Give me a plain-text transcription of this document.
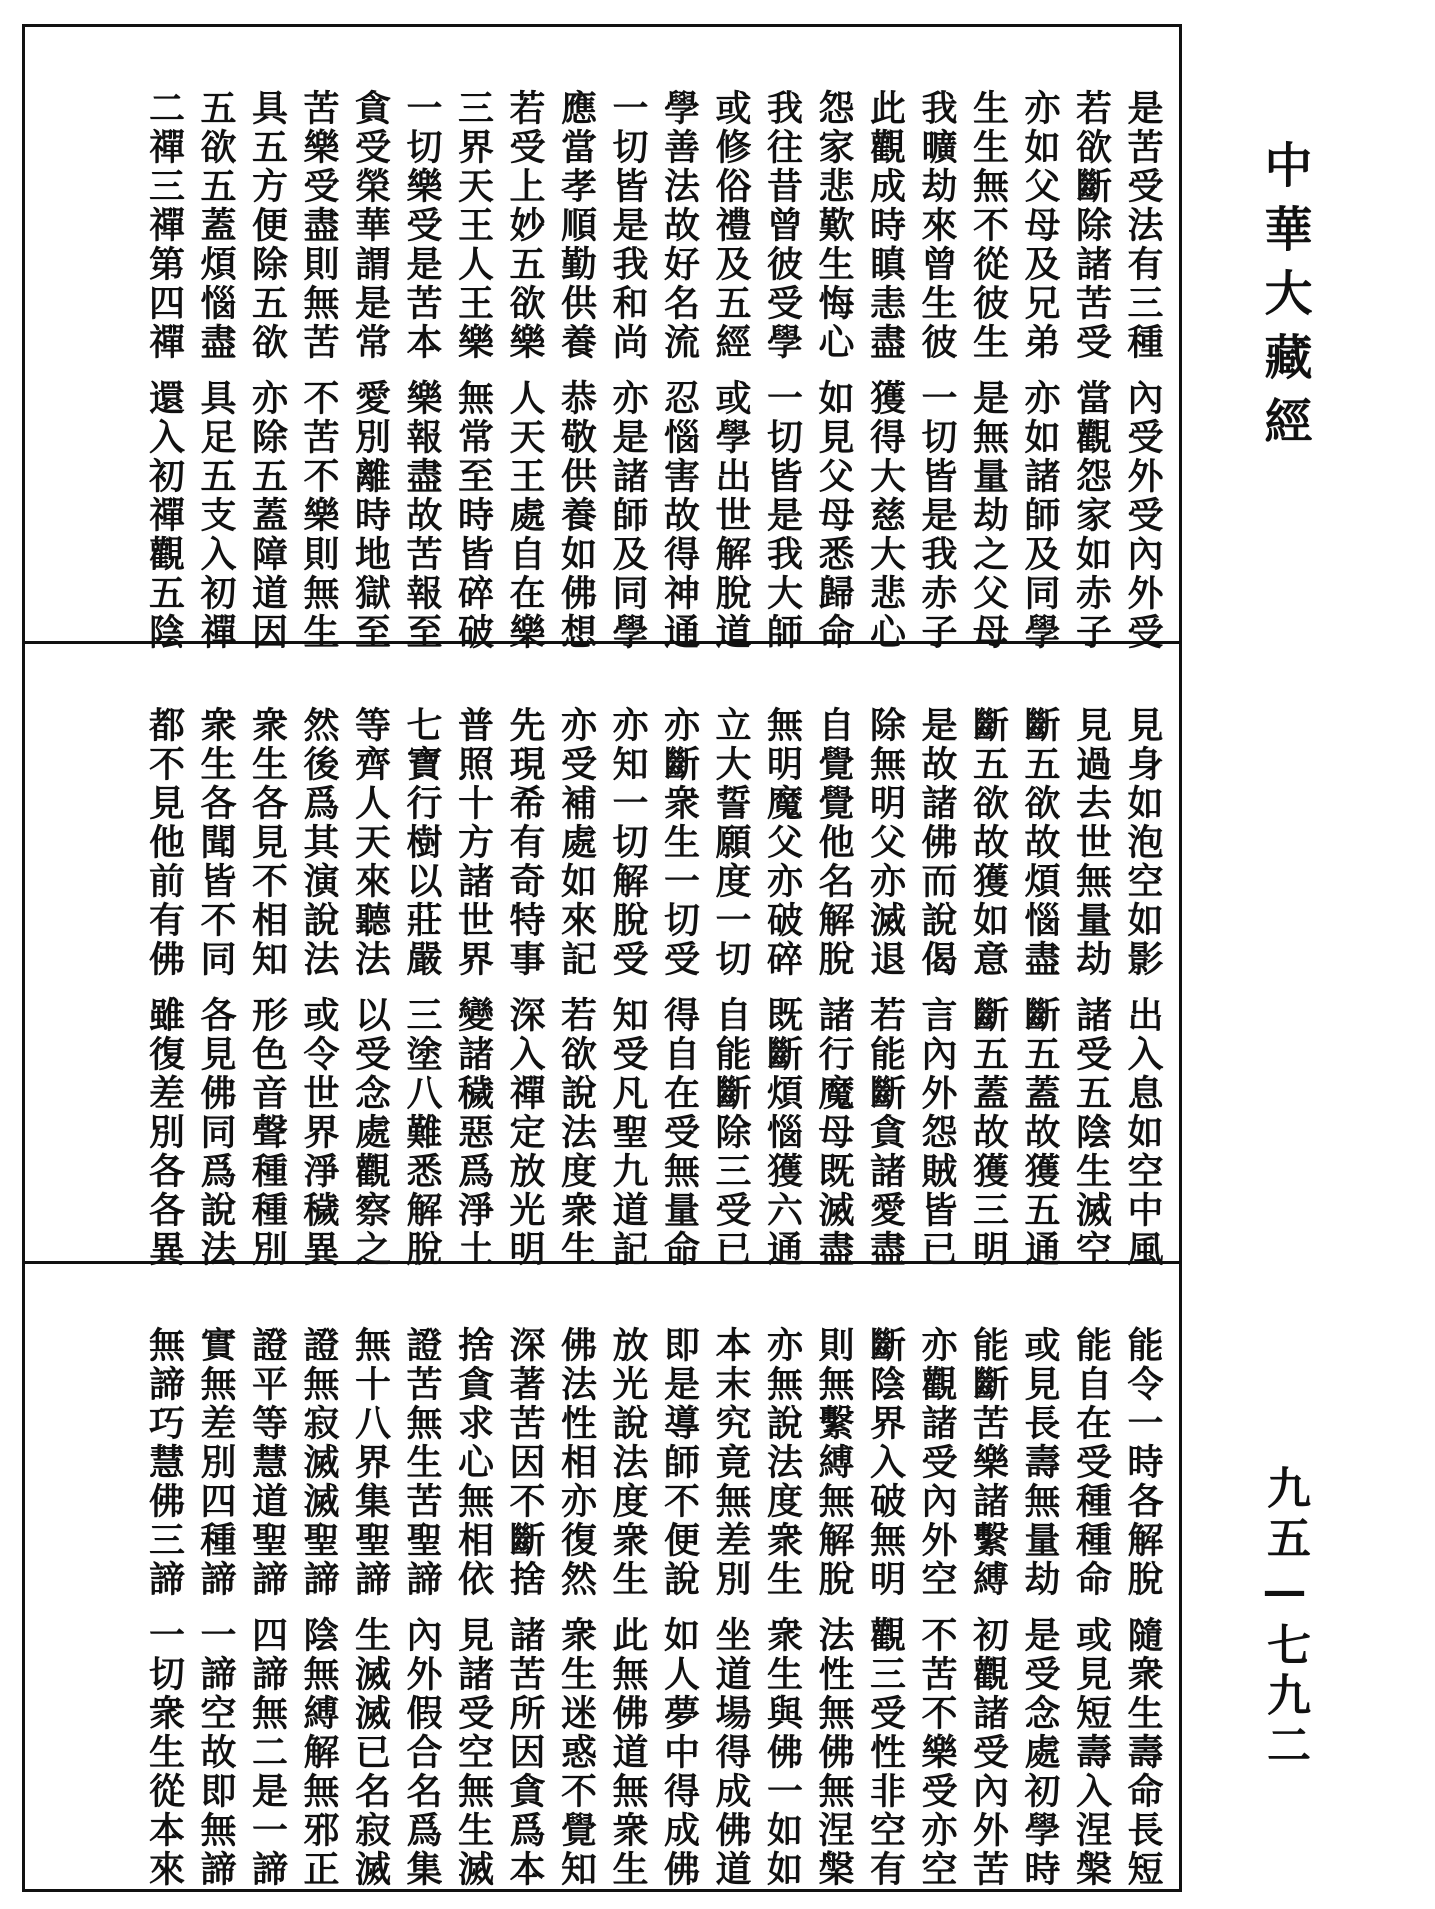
是苦受法有三種
若欲斷除諸苦受
亦如父母及兄弟
生生無不從彼生
我曠劫來曾生彼
此觀成時瞋恚盡
怨家悲歎生悔心
我往昔曾彼受學
或修俗禮及五經
學善法故好名流
一切皆是我和尚
應當孝順勤供養
若受上妙五欲樂
三界天王人王樂
一切樂受是苦本
貪受榮華謂是常
苦樂受盡則無苦
具五方便除五欲
五欲五蓋煩惱盡
二禪三禪第四禪
內受外受內外受
當觀怨家如赤子
亦如諸師及同學
是無量劫之父母
一切皆是我赤子
獲得大慈大悲心
如見父母悉歸命
一切皆是我大師
或學出世解脫道
忍惱害故得神通
亦是諸師及同學
恭敬供養如佛想
人天王處自在樂
無常至時皆碎破
樂報盡故苦報至
愛別離時地獄至
不苦不樂則無生
亦除五蓋障道因
具足五支入初禪
還入初禪觀五陰
見身如泡空如影
見過去世無量劫
斷五欲故煩惱盡
斷五欲故獲如意
是故諸佛而說偈
除無明父亦滅退
自覺覺他名解脫
無明魔父亦破碎
立大誓願度一切
亦斷衆生一切受
亦知一切解脫受
亦受補處如來記
先現希有奇特事
普照十方諸世界
七寶行樹以莊嚴
等齊人天來聽法
然後爲其演說法
衆生各見不相知
衆生各聞皆不同
都不見他前有佛
出入息如空中風
諸受五陰生滅空
斷五蓋故獲五通
斷五蓋故獲三明
言內外怨賊皆已
若能斷貪諸愛盡
諸行魔母既滅盡
既斷煩惱獲六通
自能斷除三受已
得自在受無量命
知受凡聖九道記
若欲說法度衆生
深入禪定放光明
變諸穢惡爲淨土
三塗八難悉解脫
以受念處觀察之
或令世界淨穢異
形色音聲種種別
各見佛同爲說法
雖復差別各各異
能令一時各解脫
能自在受種種命
或見長壽無量劫
能斷苦樂諸繫縛
亦觀諸受內外空
斷陰界入破無明
則無繫縛無解脫
亦無說法度衆生
本末究竟無差別
即是導師不便說
放光說法度衆生
佛法性相亦復然
深著苦因不斷捨
捨貪求心無相依
證苦無生苦聖諦
無十八界集聖諦
證無寂滅滅聖諦
證平等慧道聖諦
實無差別四種諦
無諦巧慧佛三諦
隨衆生壽命長短
或見短壽入涅槃
是受念處初學時
初觀諸受內外苦
不苦不樂受亦空
觀三受性非空有
法性無佛無涅槃
衆生與佛一如如
坐道場得成佛道
如人夢中得成佛
此無佛道無衆生
衆生迷惑不覺知
諸苦所因貪爲本
見諸受空無生滅
內外假合名爲集
生滅滅已名寂滅
陰無縛解無邪正
四諦無二是一諦
一諦空故即無諦
一切衆生從本來
中華大藏經
九五—七九二
